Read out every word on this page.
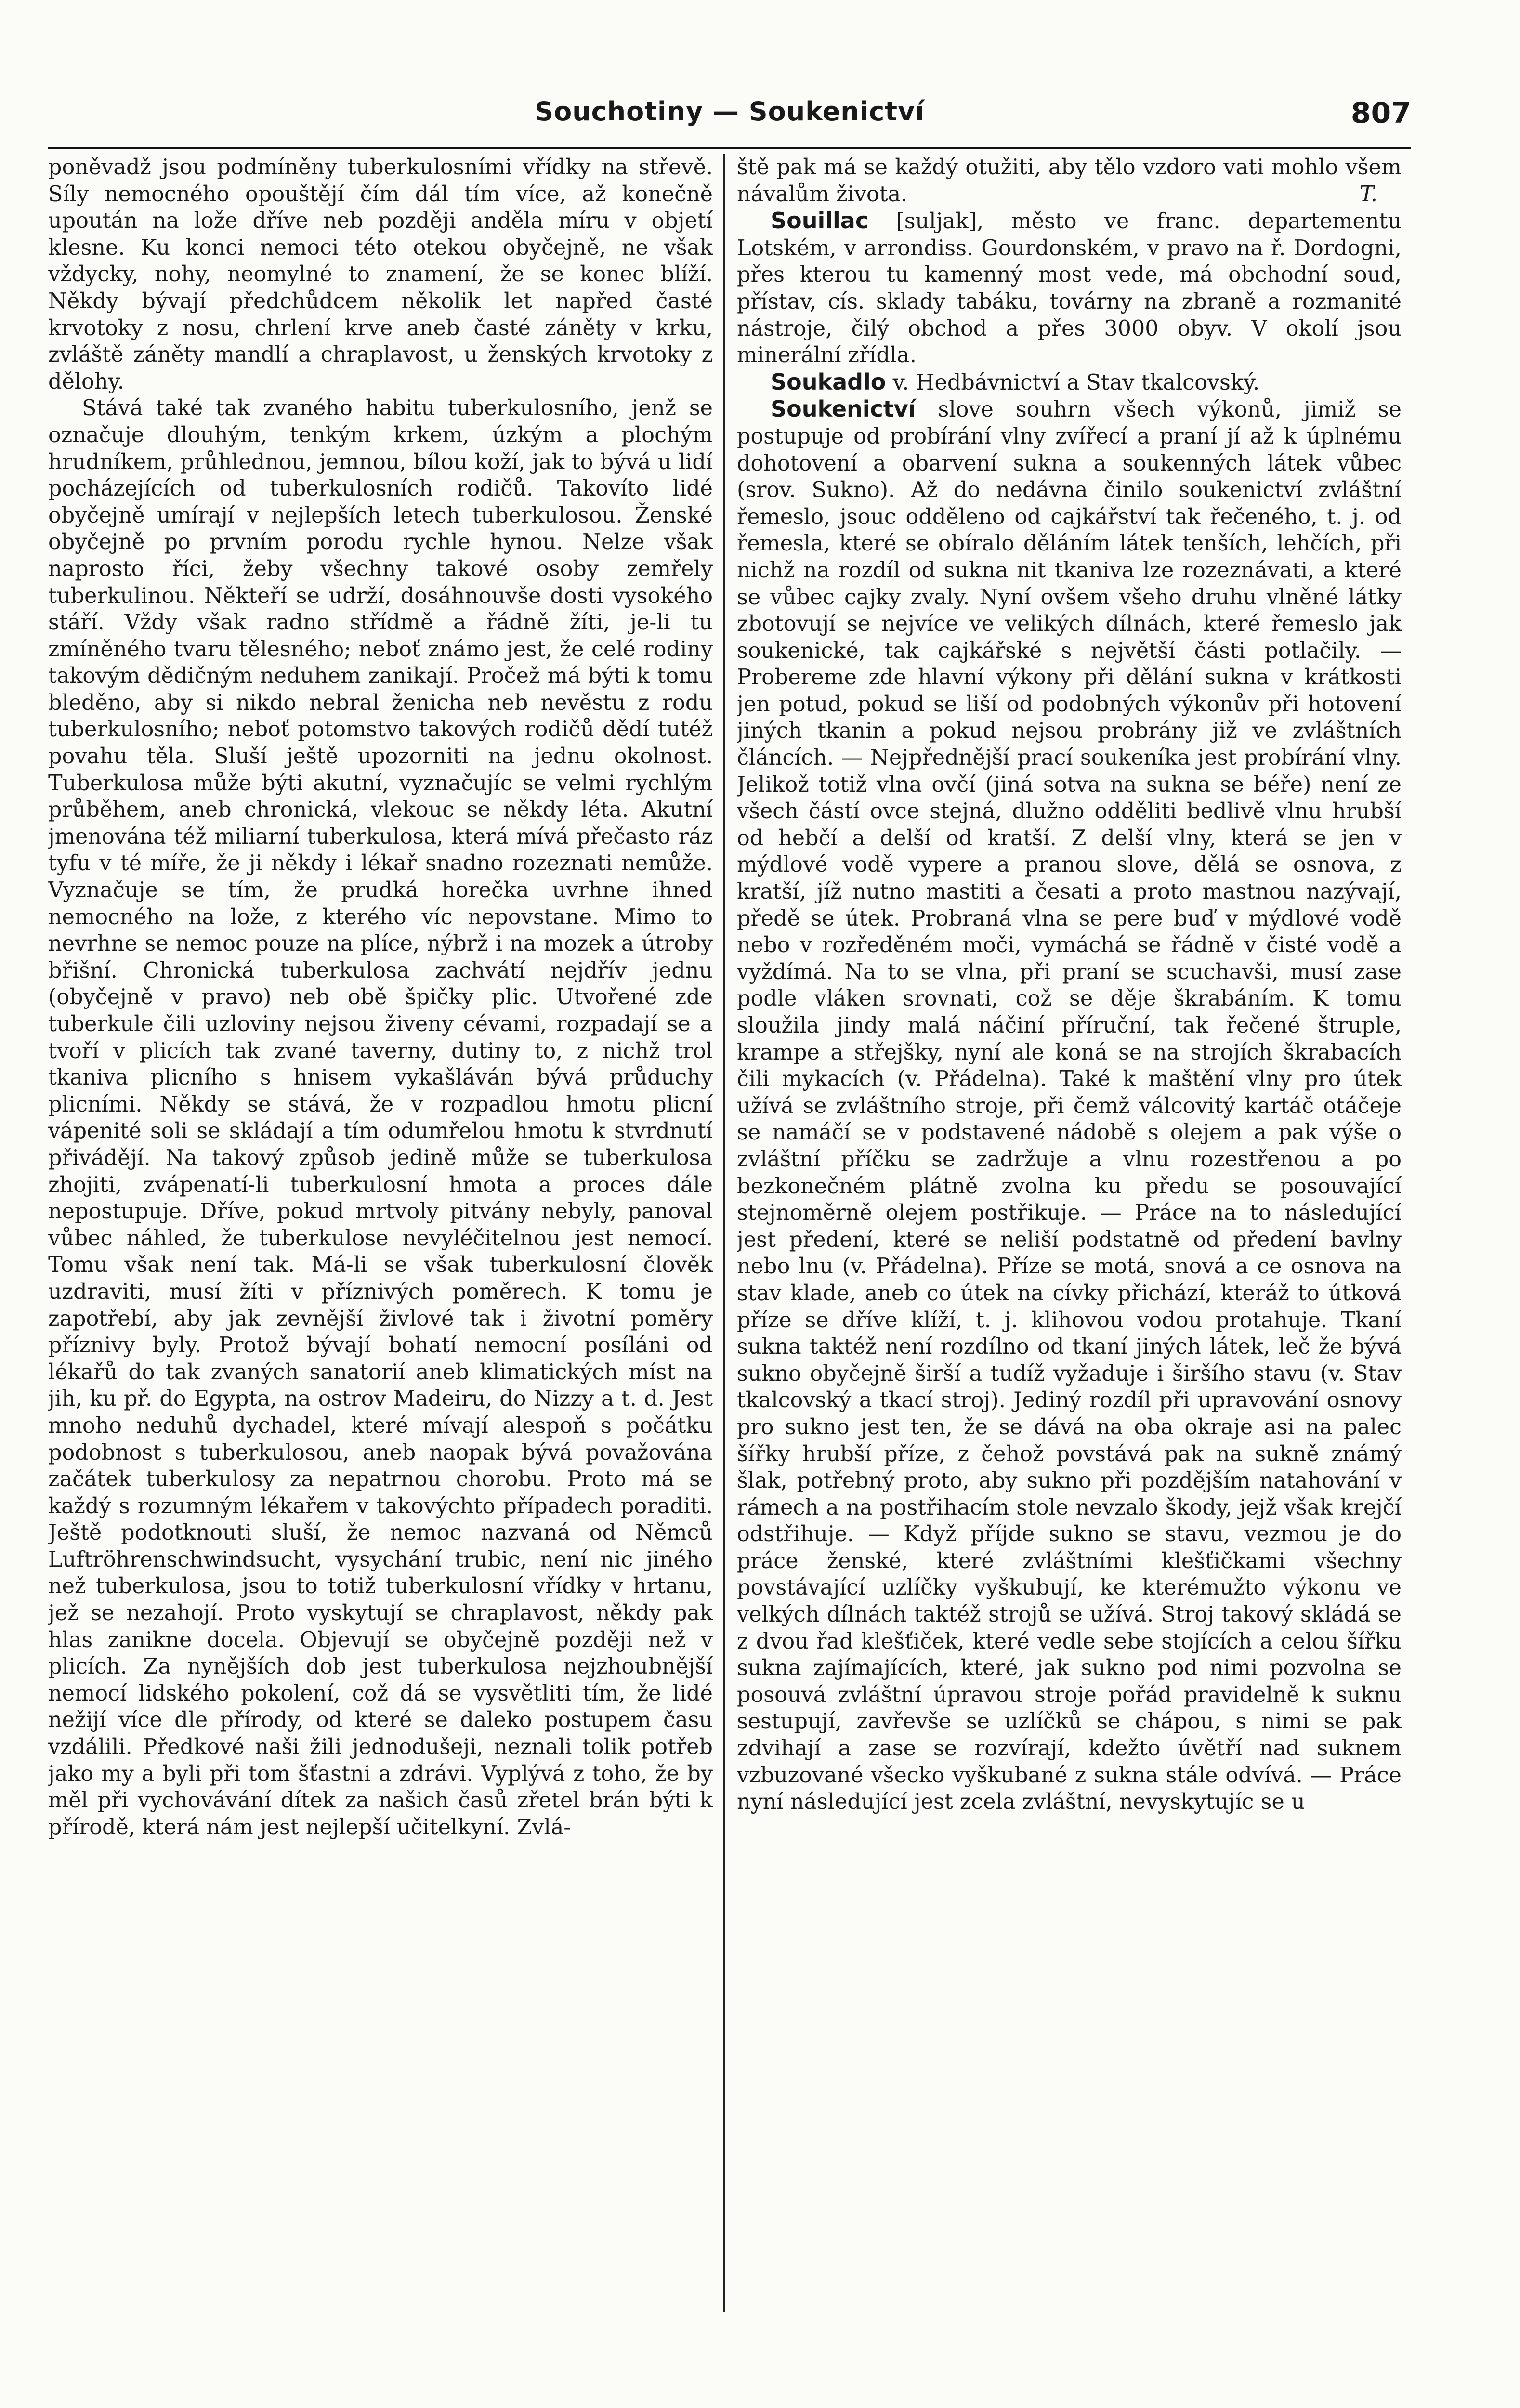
Souchotiny — Soukenictví	807

poněvadž jsou podmíněny tuberkulosními vřídky na střevě. Síly nemocného opouštějí čím dál tím více, až konečně upoután na lože dříve neb později anděla míru v objetí klesne. Ku konci nemoci této otekou obyčejně, ne však vždycky, nohy, neomylné to znamení, že se konec blíží. Někdy bývají předchůdcem několik let napřed časté krvotoky z nosu, chrlení krve aneb časté záněty v krku, zvláště záněty mandlí a chraplavost, u ženských krvotoky z dělohy.

Stává také tak zvaného habitu tuberkulosního, jenž se označuje dlouhým, tenkým krkem, úzkým a plochým hrudníkem, průhlednou, jemnou, bílou koží, jak to bývá u lidí pocházejících od tuberkulosních rodičů. Takovíto lidé obyčejně umírají v nejlepších letech tuberkulosou. Ženské obyčejně po prvním porodu rychle hynou. Nelze však naprosto říci, žeby všechny takové osoby zemřely tuberkulinou. Někteří se udrží, dosáhnouvše dosti vysokého stáří. Vždy však radno střídmě a řádně žíti, je-li tu zmíněného tvaru tělesného; neboť známo jest, že celé rodiny takovým dědičným neduhem zanikají. Pročež má býti k tomu bleděno, aby si nikdo nebral ženicha neb nevěstu z rodu tuberkulosního; neboť potomstvo takových rodičů dědí tutéž povahu těla. Sluší ještě upozorniti na jednu okolnost. Tuberkulosa může býti akutní, vyznačujíc se velmi rychlým průběhem, aneb chronická, vlekouc se někdy léta. Akutní jmenována též miliarní tuberkulosa, která mívá přečasto ráz tyfu v té míře, že ji někdy i lékař snadno rozeznati nemůže. Vyznačuje se tím, že prudká horečka uvrhne ihned nemocného na lože, z kterého víc nepovstane. Mimo to nevrhne se nemoc pouze na plíce, nýbrž i na mozek a útroby břišní. Chronická tuberkulosa zachvátí nejdřív jednu (obyčejně v pravo) neb obě špičky plic. Utvořené zde tuberkule čili uzloviny nejsou živeny cévami, rozpadají se a tvoří v plicích tak zvané taverny, dutiny to, z nichž trol tkaniva plicního s hnisem vykašláván bývá průduchy plicními. Někdy se stává, že v rozpadlou hmotu plicní vápenité soli se skládají a tím odumřelou hmotu k stvrdnutí přivádějí. Na takový způsob jedině může se tuberkulosa zhojiti, zvápenatí-li tuberkulosní hmota a proces dále nepostupuje. Dříve, pokud mrtvoly pitvány nebyly, panoval vůbec náhled, že tuberkulose nevyléčitelnou jest nemocí. Tomu však není tak. Má-li se však tuberkulosní člověk uzdraviti, musí žíti v příznivých poměrech. K tomu je zapotřebí, aby jak zevnější živlové tak i životní poměry příznivy byly. Protož bývají bohatí nemocní posíláni od lékařů do tak zvaných sanatorií aneb klimatických míst na jih, ku př. do Egypta, na ostrov Madeiru, do Nizzy a t. d. Jest mnoho neduhů dychadel, které mívají alespoň s počátku podobnost s tuberkulosou, aneb naopak bývá považována začátek tuberkulosy za nepatrnou chorobu. Proto má se každý s rozumným lékařem v takovýchto případech poraditi. Ještě podotknouti sluší, že nemoc nazvaná od Němců Luftröhrenschwindsucht, vysychání trubic, není nic jiného než tuberkulosa, jsou to totiž tuberkulosní vřídky v hrtanu, jež se nezahojí. Proto vyskytují se chraplavost, někdy pak hlas zanikne docela. Objevují se obyčejně později než v plicích. Za nynějších dob jest tuberkulosa nejzhoubnější nemocí lidského pokolení, což dá se vysvětliti tím, že lidé nežijí více dle přírody, od které se daleko postupem času vzdálili. Předkové naši žili jednodušeji, neznali tolik potřeb jako my a byli při tom šťastni a zdrávi. Vyplývá z toho, že by měl při vychovávání dítek za našich časů zřetel brán býti k přírodě, která nám jest nejlepší učitelkyní. Zvlá-

ště pak má se každý otužiti, aby tělo vzdoro vati mohlo všem návalům života.	T.

Souillac [suljak], město ve franc. departementu Lotském, v arrondiss. Gourdonském, v pravo na ř. Dordogni, přes kterou tu kamenný most vede, má obchodní soud, přístav, cís. sklady tabáku, továrny na zbraně a rozmanité nástroje, čilý obchod a přes 3000 obyv. V okolí jsou minerální zřídla.

Soukadlo v. Hedbávnictví a Stav tkalcovský.

Soukenictví slove souhrn všech výkonů, jimiž se postupuje od probírání vlny zvířecí a praní jí až k úplnému dohotovení a obarvení sukna a soukenných látek vůbec (srov. Sukno). Až do nedávna činilo soukenictví zvláštní řemeslo, jsouc odděleno od cajkářství tak řečeného, t. j. od řemesla, které se obíralo děláním látek tenších, lehčích, při nichž na rozdíl od sukna nit tkaniva lze rozeznávati, a které se vůbec cajky zvaly. Nyní ovšem všeho druhu vlněné látky zbotovují se nejvíce ve velikých dílnách, které řemeslo jak soukenické, tak cajkářské s největší části potlačily. — Probereme zde hlavní výkony při dělání sukna v krátkosti jen potud, pokud se liší od podobných výkonův při hotovení jiných tkanin a pokud nejsou probrány již ve zvláštních článcích. — Nejpřednější prací soukeníka jest probírání vlny. Jelikož totiž vlna ovčí (jiná sotva na sukna se béře) není ze všech částí ovce stejná, dlužno odděliti bedlivě vlnu hrubší od hebčí a delší od kratší. Z delší vlny, která se jen v mýdlové vodě vypere a pranou slove, dělá se osnova, z kratší, jíž nutno mastiti a česati a proto mastnou nazývají, předě se útek. Probraná vlna se pere buď v mýdlové vodě nebo v rozředěném moči, vymáchá se řádně v čisté vodě a vyždímá. Na to se vlna, při praní se scuchavši, musí zase podle vláken srovnati, což se děje škrabáním. K tomu sloužila jindy malá náčiní příruční, tak řečené štruple, krampe a střejšky, nyní ale koná se na strojích škrabacích čili mykacích (v. Přádelna). Také k maštění vlny pro útek užívá se zvláštního stroje, při čemž válcovitý kartáč otáčeje se namáčí se v podstavené nádobě s olejem a pak výše o zvláštní příčku se zadržuje a vlnu rozestřenou a po bezkonečném plátně zvolna ku předu se posouvající stejnoměrně olejem postřikuje. — Práce na to následující jest předení, které se neliší podstatně od předení bavlny nebo lnu (v. Přádelna). Příze se motá, snová a ce osnova na stav klade, aneb co útek na cívky přichází, kteráž to útková příze se dříve klíží, t. j. klihovou vodou protahuje. Tkaní sukna taktéž není rozdílno od tkaní jiných látek, leč že bývá sukno obyčejně širší a tudíž vyžaduje i širšího stavu (v. Stav tkalcovský a tkací stroj). Jediný rozdíl při upravování osnovy pro sukno jest ten, že se dává na oba okraje asi na palec šířky hrubší příze, z čehož povstává pak na sukně známý šlak, potřebný proto, aby sukno při pozdějším natahování v rámech a na postřihacím stole nevzalo škody, jejž však krejčí odstřihuje. — Když příjde sukno se stavu, vezmou je do práce ženské, které zvláštními klešťičkami všechny povstávající uzlíčky vyškubují, ke kterémužto výkonu ve velkých dílnách taktéž strojů se užívá. Stroj takový skládá se z dvou řad klešťiček, které vedle sebe stojících a celou šířku sukna zajímajících, které, jak sukno pod nimi pozvolna se posouvá zvláštní úpravou stroje pořád pravidelně k suknu sestupují, zavřevše se uzlíčků se chápou, s nimi se pak zdvihají a zase se rozvírají, kdežto úvětří nad suknem vzbuzované všecko vyškubané z sukna stále odvívá. — Práce nyní následující jest zcela zvláštní, nevyskytujíc se u
